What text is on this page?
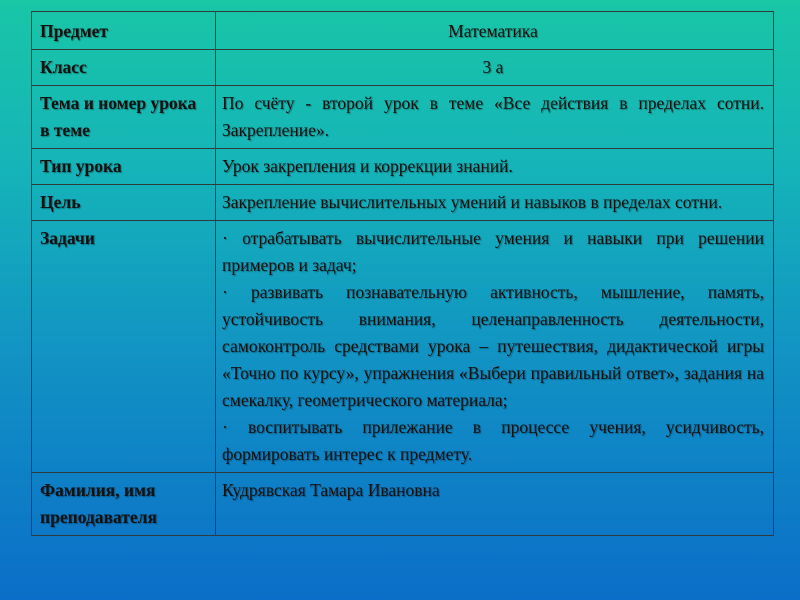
Предмет	Математика
Класс	3 а
Тема и номер урока в теме	По счёту - второй урок в теме «Все действия в пределах сотни. Закрепление».
Тип урока	Урок закрепления и коррекции знаний.
Цель	Закрепление вычислительных умений и навыков в пределах сотни.
Задачи	· отрабатывать вычислительные умения и навыки при решении примеров и задач;

· развивать познавательную активность, мышление, память, устойчивость внимания, целенаправленность деятельности, самоконтроль средствами урока – путешествия, дидактической игры «Точно по курсу», упражнения «Выбери правильный ответ», задания на смекалку, геометрического материала;

· воспитывать прилежание в процессе учения, усидчивость, формировать интерес к предмету.

Фамилия, имя преподавателя	Кудрявская Тамара Ивановна
